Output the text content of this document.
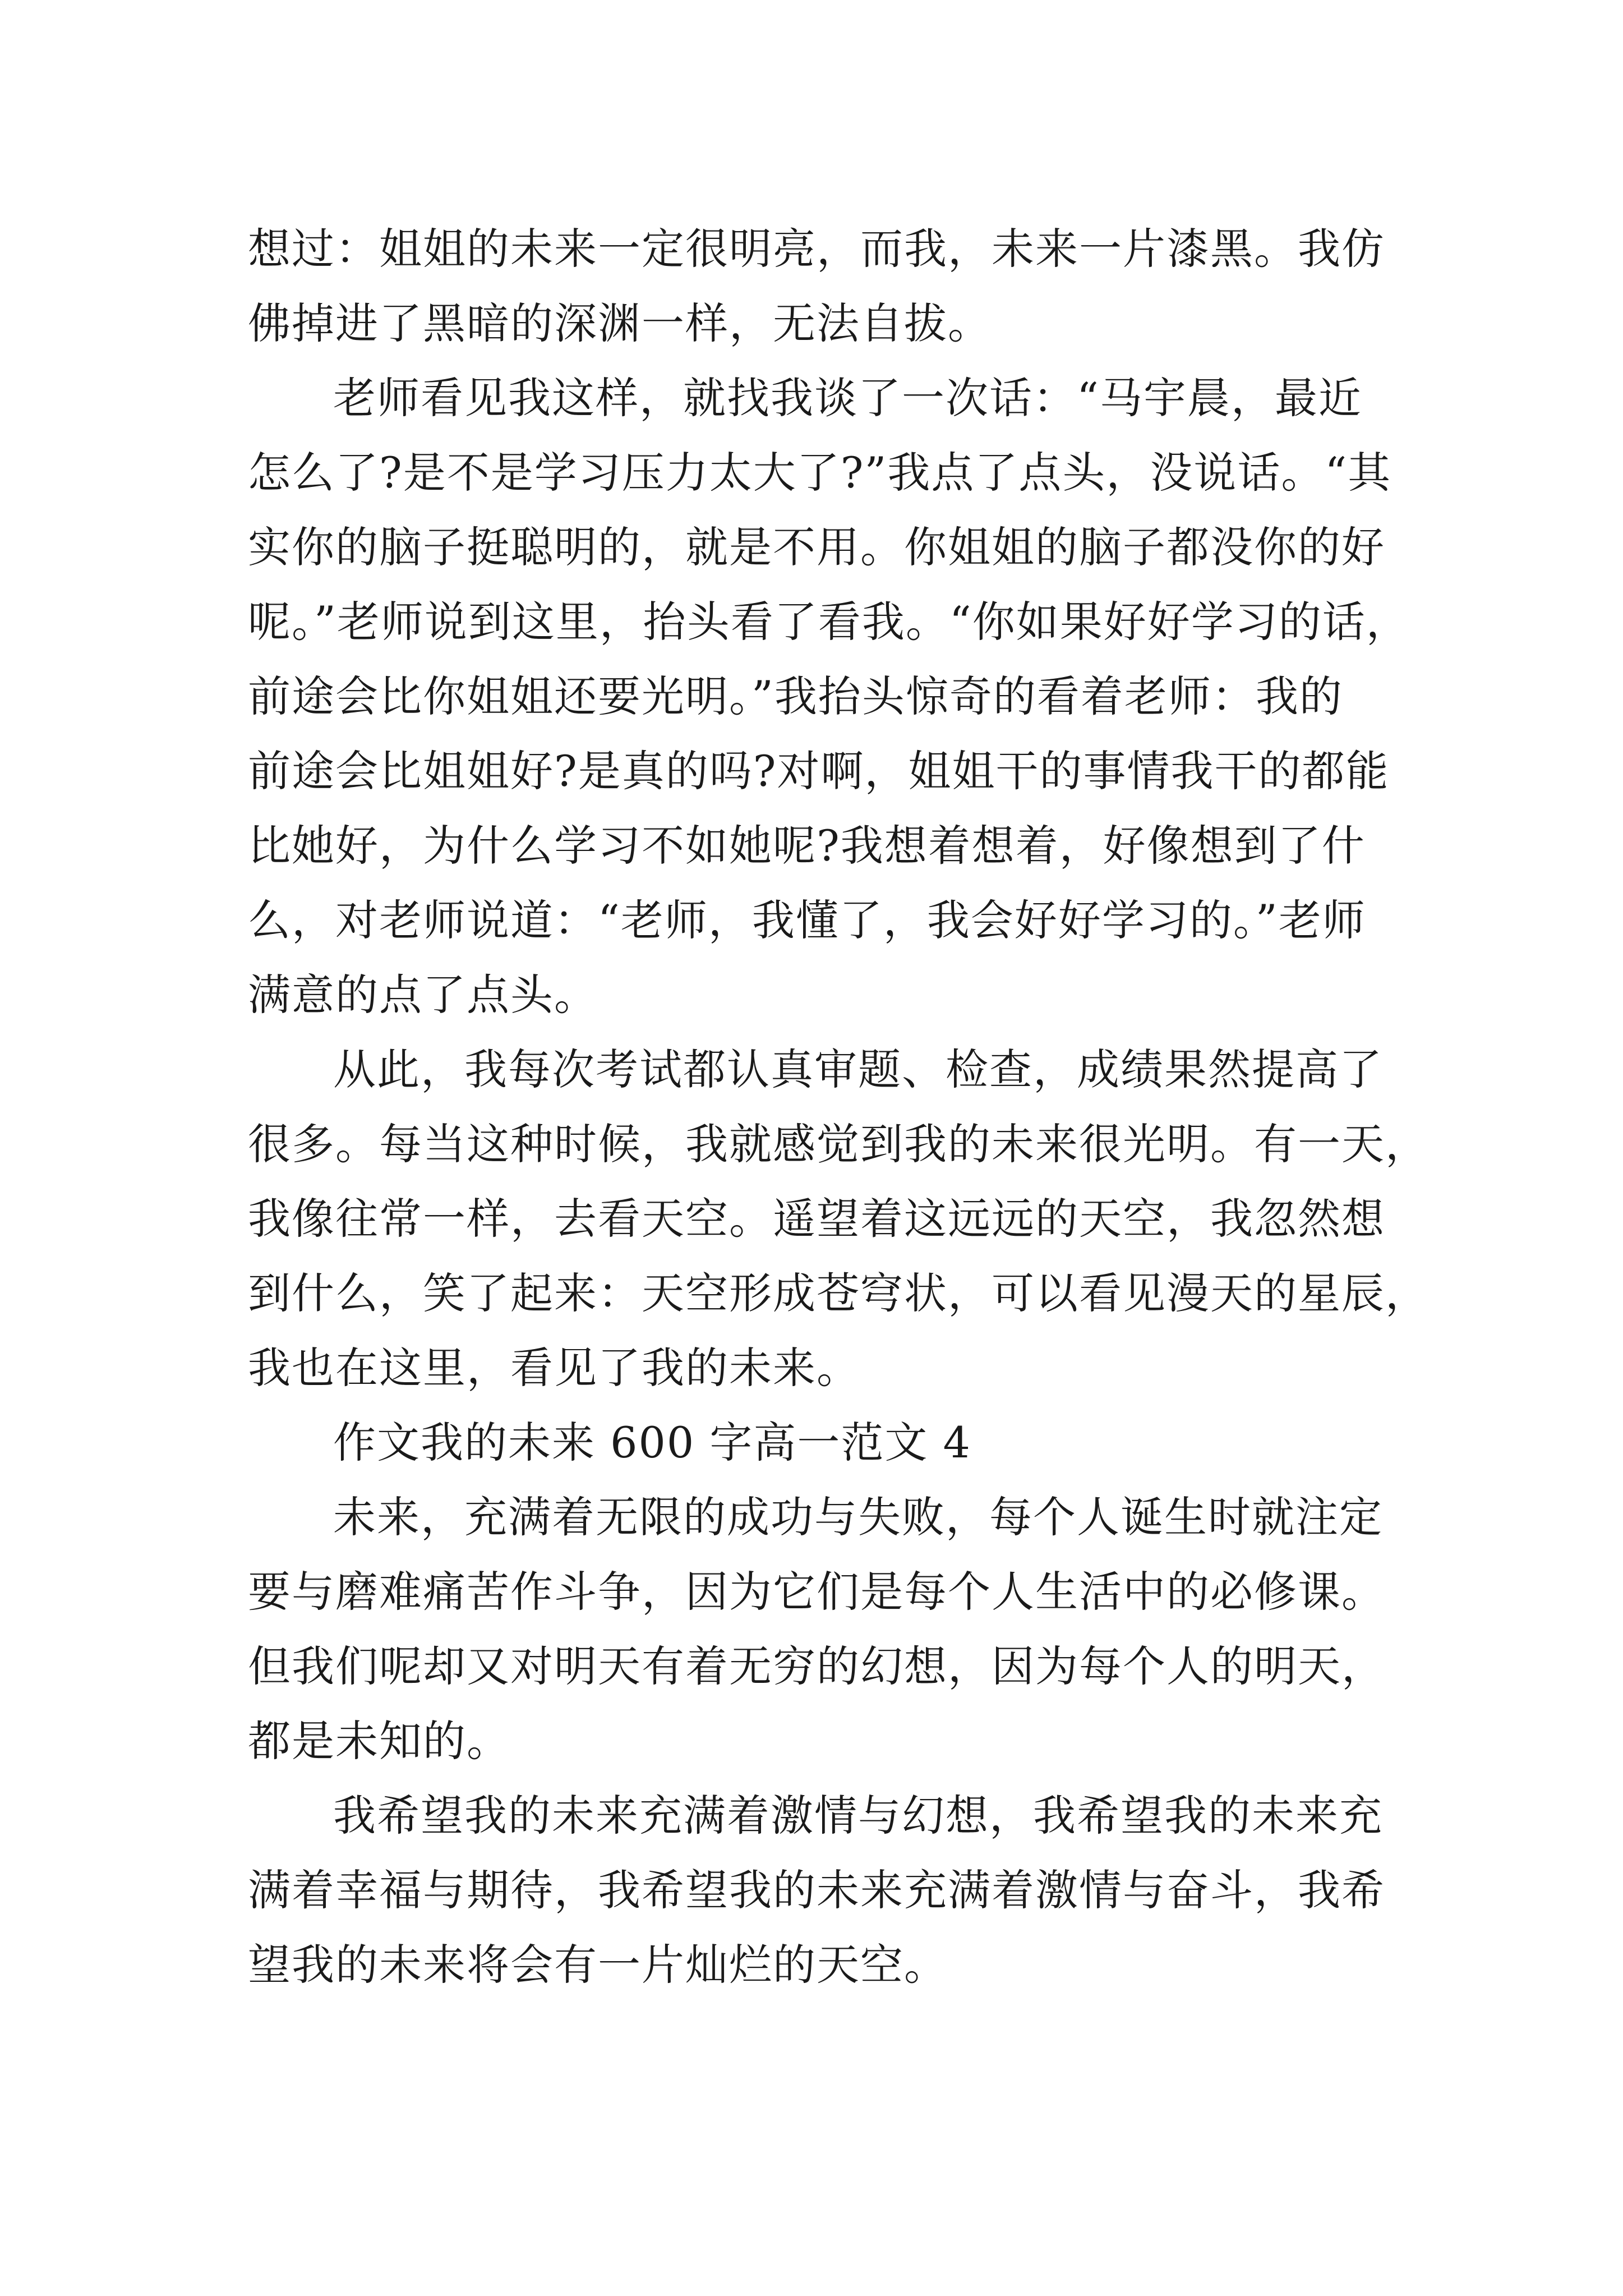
想过：姐姐的未来一定很明亮，而我，未来一片漆黑。我仿
佛掉进了黑暗的深渊一样，无法自拔。

老师看见我这样，就找我谈了一次话：“马宇晨，最近
怎么了?是不是学习压力太大了?”我点了点头，没说话。“其
实你的脑子挺聪明的，就是不用。你姐姐的脑子都没你的好
呢。”老师说到这里，抬头看了看我。“你如果好好学习的话，
前途会比你姐姐还要光明。”我抬头惊奇的看着老师：我的
前途会比姐姐好?是真的吗?对啊，姐姐干的事情我干的都能
比她好，为什么学习不如她呢?我想着想着，好像想到了什
么，对老师说道：“老师，我懂了，我会好好学习的。”老师
满意的点了点头。

从此，我每次考试都认真审题、检查，成绩果然提高了
很多。每当这种时候，我就感觉到我的未来很光明。有一天，
我像往常一样，去看天空。遥望着这远远的天空，我忽然想
到什么，笑了起来：天空形成苍穹状，可以看见漫天的星辰，
我也在这里，看见了我的未来。

作文我的未来 600 字高一范文 4

未来，充满着无限的成功与失败，每个人诞生时就注定
要与磨难痛苦作斗争，因为它们是每个人生活中的必修课。
但我们呢却又对明天有着无穷的幻想，因为每个人的明天，
都是未知的。

我希望我的未来充满着激情与幻想，我希望我的未来充
满着幸福与期待，我希望我的未来充满着激情与奋斗，我希
望我的未来将会有一片灿烂的天空。
